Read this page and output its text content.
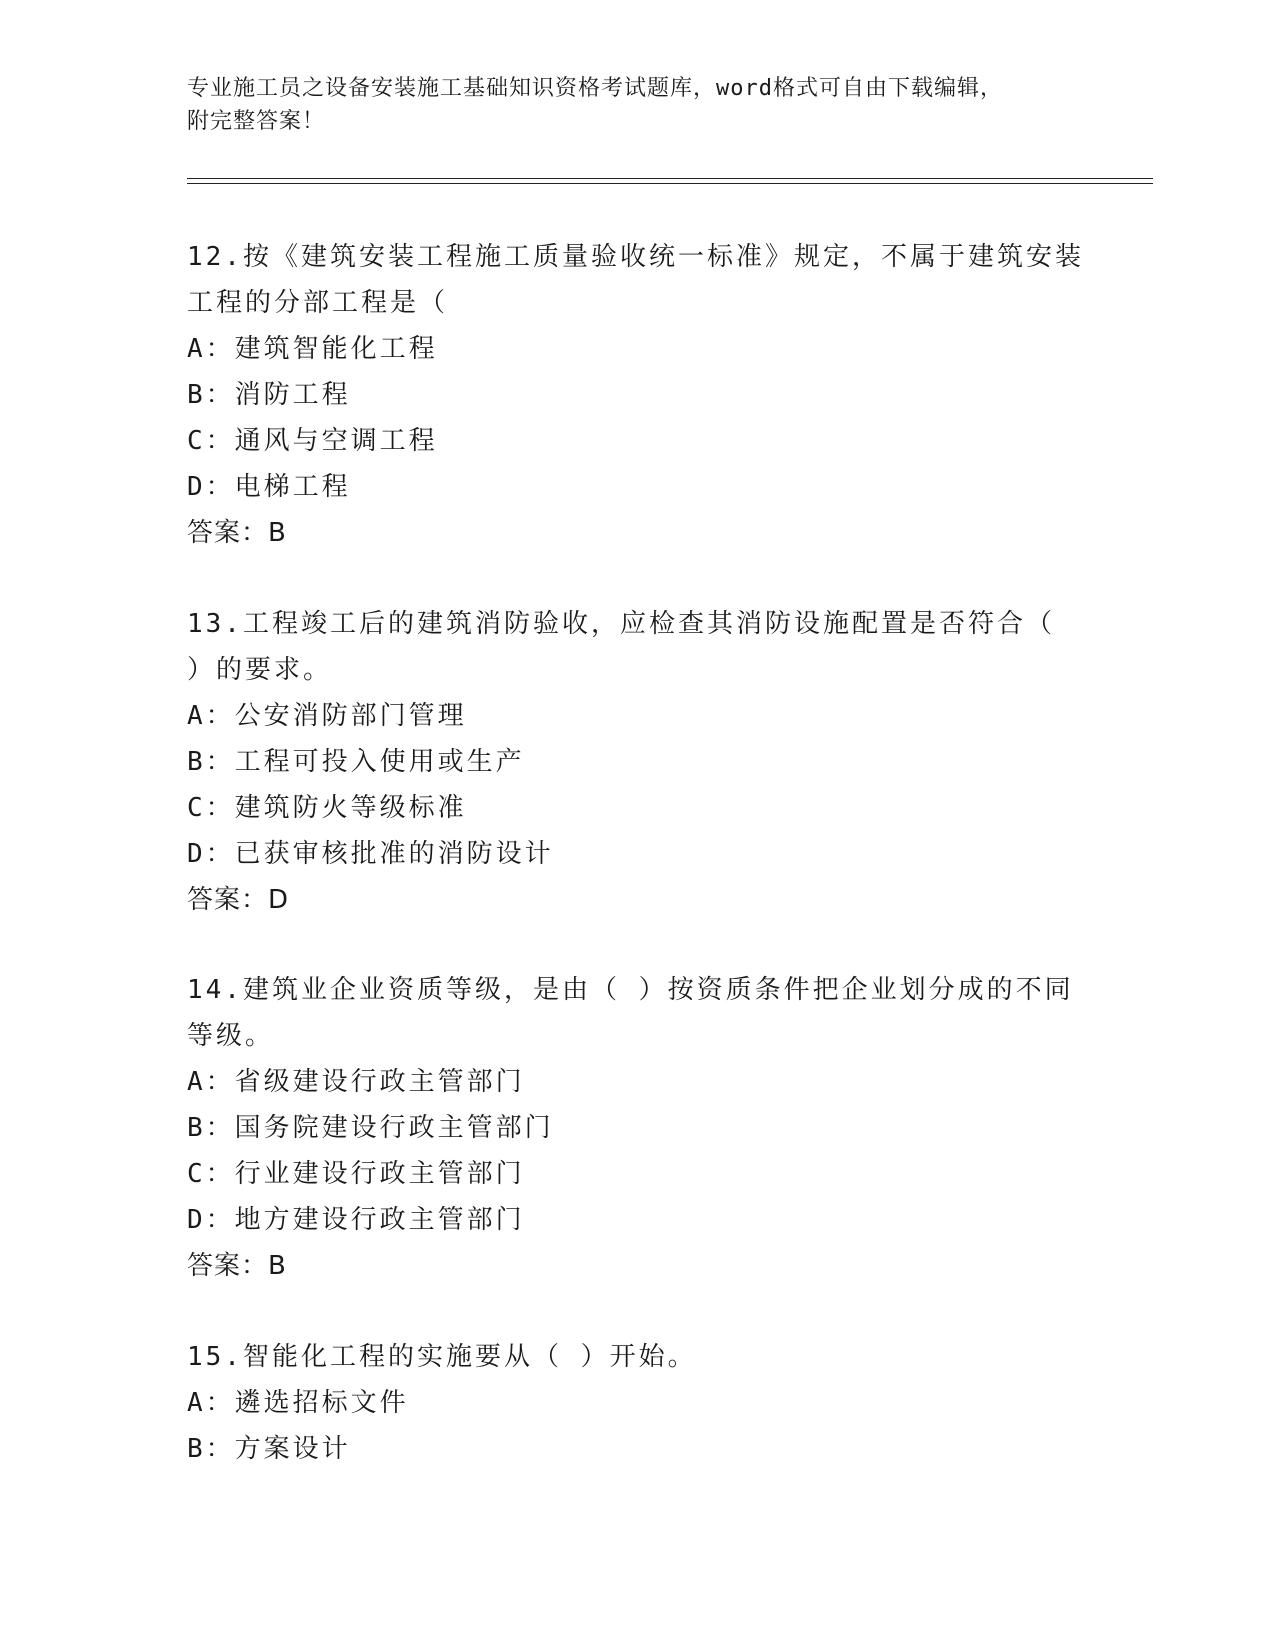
专业施工员之设备安装施工基础知识资格考试题库，word格式可自由下载编辑，
附完整答案！

12.按《建筑安装工程施工质量验收统一标准》规定，不属于建筑安装

工程的分部工程是（

A：建筑智能化工程

B：消防工程

C：通风与空调工程

D：电梯工程

答案：B

13.工程竣工后的建筑消防验收，应检查其消防设施配置是否符合（

）的要求。

A：公安消防部门管理

B：工程可投入使用或生产

C：建筑防火等级标准

D：已获审核批准的消防设计

答案：D

14.建筑业企业资质等级，是由（ ）按资质条件把企业划分成的不同

等级。

A：省级建设行政主管部门

B：国务院建设行政主管部门

C：行业建设行政主管部门

D：地方建设行政主管部门

答案：B

15.智能化工程的实施要从（ ）开始。

A：遴选招标文件

B：方案设计
